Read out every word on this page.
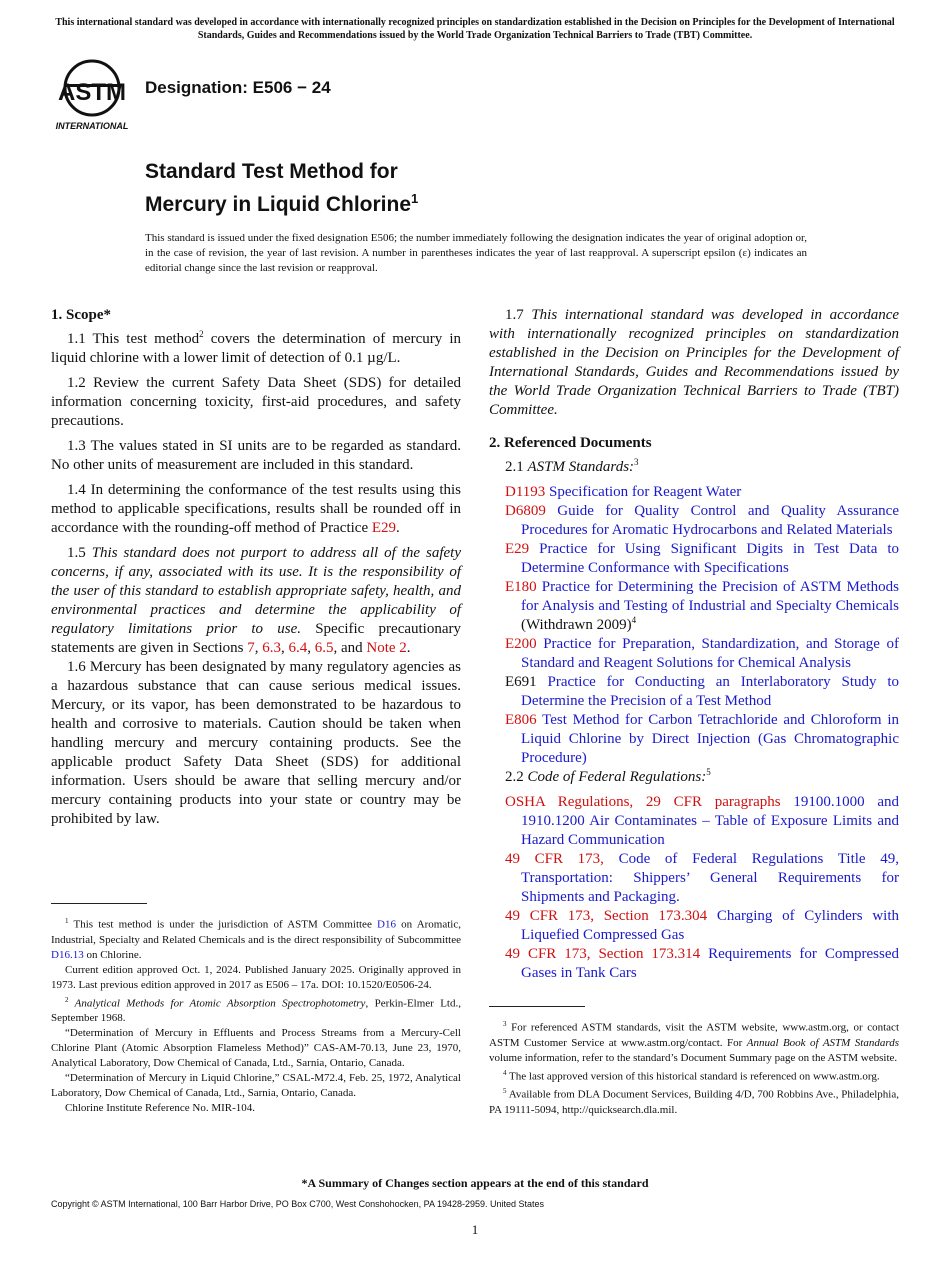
This international standard was developed in accordance with internationally recognized principles on standardization established in the Decision on Principles for the Development of International Standards, Guides and Recommendations issued by the World Trade Organization Technical Barriers to Trade (TBT) Committee.
ASTM
INTERNATIONAL
Designation: E506 − 24
Standard Test Method for
Mercury in Liquid Chlorine$^1$
This standard is issued under the fixed designation E506; the number immediately following the designation indicates the year of original adoption or, in the case of revision, the year of last revision. A number in parentheses indicates the year of last reapproval. A superscript epsilon (ε) indicates an editorial change since the last revision or reapproval.
1. Scope*

1.1 This test method$^2$ covers the determination of mercury in liquid chlorine with a lower limit of detection of 0.1 µg/L.

1.2 Review the current Safety Data Sheet (SDS) for detailed information concerning toxicity, first-aid procedures, and safety precautions.

1.3 The values stated in SI units are to be regarded as standard. No other units of measurement are included in this standard.

1.4 In determining the conformance of the test results using this method to applicable specifications, results shall be rounded off in accordance with the rounding-off method of Practice E29.

1.5 This standard does not purport to address all of the safety concerns, if any, associated with its use. It is the responsibility of the user of this standard to establish appropriate safety, health, and environmental practices and determine the applicability of regulatory limitations prior to use. Specific precautionary statements are given in Sections 7, 6.3, 6.4, 6.5, and Note 2.

1.6 Mercury has been designated by many regulatory agencies as a hazardous substance that can cause serious medical issues. Mercury, or its vapor, has been demonstrated to be hazardous to health and corrosive to materials. Caution should be taken when handling mercury and mercury containing products. See the applicable product Safety Data Sheet (SDS) for additional information. Users should be aware that selling mercury and/or mercury containing products into your state or country may be prohibited by law.

1.7 This international standard was developed in accordance with internationally recognized principles on standardization established in the Decision on Principles for the Development of International Standards, Guides and Recommendations issued by the World Trade Organization Technical Barriers to Trade (TBT) Committee.

2. Referenced Documents

2.1 ASTM Standards:$^3$

D1193 Specification for Reagent Water
D6809 Guide for Quality Control and Quality Assurance Procedures for Aromatic Hydrocarbons and Related Materials
E29 Practice for Using Significant Digits in Test Data to Determine Conformance with Specifications
E180 Practice for Determining the Precision of ASTM Methods for Analysis and Testing of Industrial and Specialty Chemicals (Withdrawn 2009)$^4$
E200 Practice for Preparation, Standardization, and Storage of Standard and Reagent Solutions for Chemical Analysis
E691 Practice for Conducting an Interlaboratory Study to Determine the Precision of a Test Method
E806 Test Method for Carbon Tetrachloride and Chloroform in Liquid Chlorine by Direct Injection (Gas Chromatographic Procedure)

2.2 Code of Federal Regulations:$^5$

OSHA Regulations, 29 CFR paragraphs 19100.1000 and 1910.1200 Air Contaminates – Table of Exposure Limits and Hazard Communication
49 CFR 173, Code of Federal Regulations Title 49, Transportation: Shippers’ General Requirements for Shipments and Packaging.
49 CFR 173, Section 173.304 Charging of Cylinders with Liquefied Compressed Gas
49 CFR 173, Section 173.314 Requirements for Compressed Gases in Tank Cars

$^1$ This test method is under the jurisdiction of ASTM Committee D16 on Aromatic, Industrial, Specialty and Related Chemicals and is the direct responsibility of Subcommittee D16.13 on Chlorine.

Current edition approved Oct. 1, 2024. Published January 2025. Originally approved in 1973. Last previous edition approved in 2017 as E506 – 17a. DOI: 10.1520/E0506-24.

$^2$ Analytical Methods for Atomic Absorption Spectrophotometry, Perkin-Elmer Ltd., September 1968.

“Determination of Mercury in Effluents and Process Streams from a Mercury-Cell Chlorine Plant (Atomic Absorption Flameless Method)” CAS-AM-70.13, June 23, 1970, Analytical Laboratory, Dow Chemical of Canada, Ltd., Sarnia, Ontario, Canada.

“Determination of Mercury in Liquid Chlorine,” CSAL-M72.4, Feb. 25, 1972, Analytical Laboratory, Dow Chemical of Canada, Ltd., Sarnia, Ontario, Canada.

Chlorine Institute Reference No. MIR-104.

$^3$ For referenced ASTM standards, visit the ASTM website, www.astm.org, or contact ASTM Customer Service at www.astm.org/contact. For Annual Book of ASTM Standards volume information, refer to the standard’s Document Summary page on the ASTM website.

$^4$ The last approved version of this historical standard is referenced on www.astm.org.

$^5$ Available from DLA Document Services, Building 4/D, 700 Robbins Ave., Philadelphia, PA 19111-5094, http://quicksearch.dla.mil.

*A Summary of Changes section appears at the end of this standard
Copyright © ASTM International, 100 Barr Harbor Drive, PO Box C700, West Conshohocken, PA 19428-2959. United States
1
